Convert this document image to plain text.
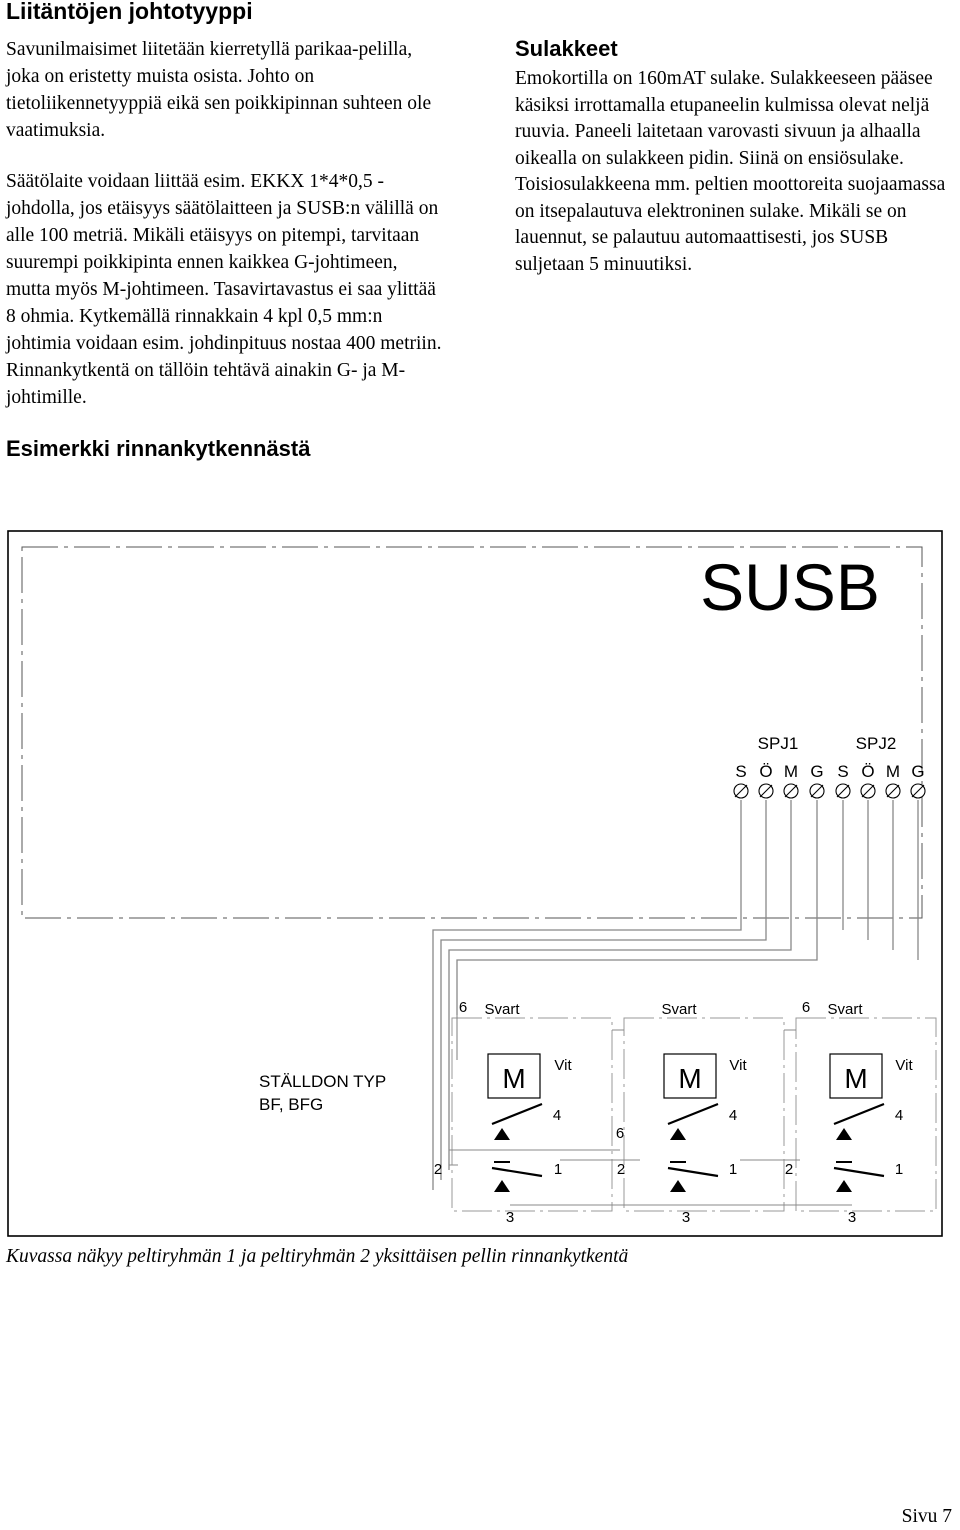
Liitäntöjen johtotyyppi

Savunilmaisimet liitetään kierretyllä parikaa-pelilla, joka on eristetty muista osista. Johto on tietoliikennetyyppiä eikä sen poikkipinnan suhteen ole vaatimuksia.

Säätölaite voidaan liittää esim. EKKX 1*4*0,5 -johdolla, jos etäisyys säätölaitteen ja SUSB:n välillä on alle 100 metriä. Mikäli etäisyys on pitempi, tarvitaan suurempi poikkipinta ennen kaikkea G-johtimeen, mutta myös M-johtimeen. Tasavirtavastus ei saa ylittää 8 ohmia. Kytkemällä rinnakkain 4 kpl 0,5 mm:n johtimia voidaan esim. johdinpituus nostaa 400 metriin. Rinnankytkentä on tällöin tehtävä ainakin G- ja M-johtimille.

Esimerkki rinnankytkennästä
Sulakkeet

Emokortilla on 160mAT sulake. Sulakkeeseen pääsee käsiksi irrottamalla etupaneelin kulmissa olevat neljä ruuvia. Paneeli laitetaan varovasti sivuun ja alhaalla oikealla on sulakkeen pidin. Siinä on ensiösulake. Toisiosulakkeena mm. peltien moottoreita suojaamassa on itsepalautuva elektroninen sulake. Mikäli se on lauennut, se palautuu automaattisesti, jos SUSB suljetaan 5 minuutiksi.

SUSB
SPJ1	SPJ2
S Ö M G S Ö M G
STÄLLDON TYP
BF, BFG
6 Svart
M Vit
4
2	1
3
Svart
M Vit
4
6
2	1
3
6 Svart
M Vit
4
2	1
3

Kuvassa näkyy peltiryhmän 1 ja peltiryhmän 2 yksittäisen pellin rinnankytkentä

Sivu 7
